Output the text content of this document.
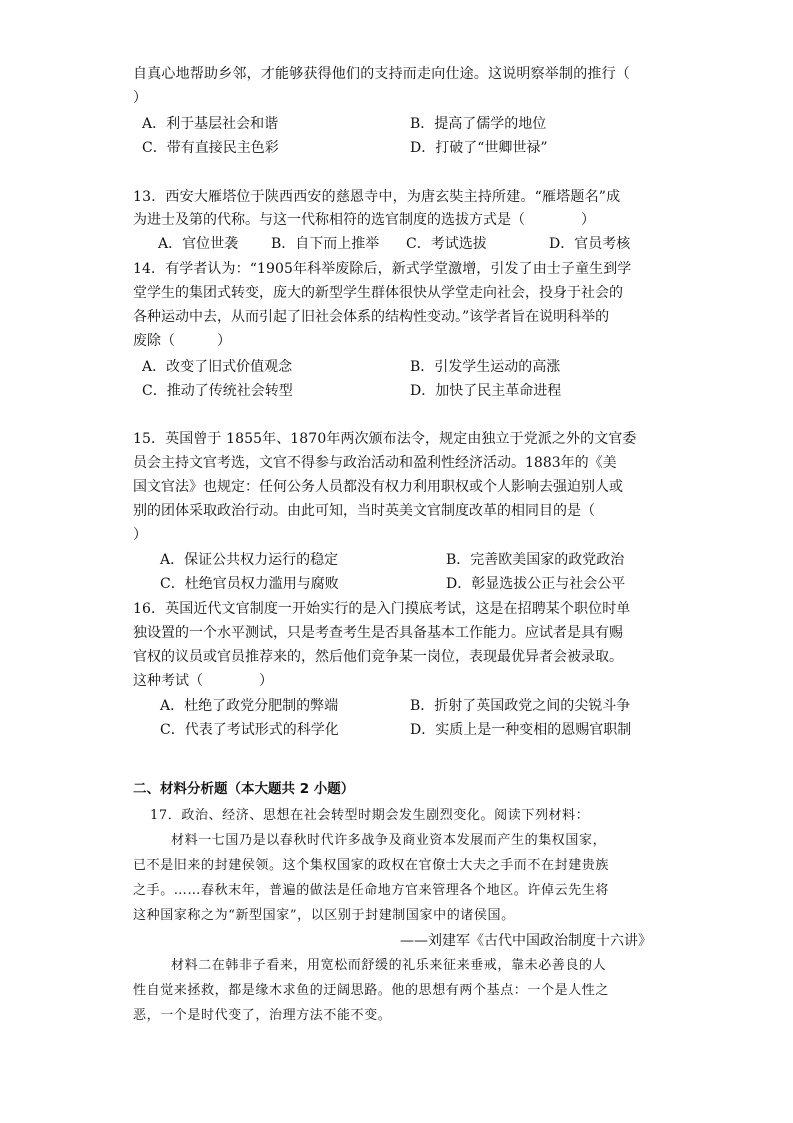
自真心地帮助乡邻，才能够获得他们的支持而走向仕途。这说明察举制的推行（
）
A．利于基层社会和谐	B．提高了儒学的地位
C．带有直接民主色彩	D．打破了“世卿世禄”
13．西安大雁塔位于陕西西安的慈恩寺中，为唐玄奘主持所建。“雁塔题名”成
为进士及第的代称。与这一代称相符的选官制度的选拔方式是（　　　　）
A．官位世袭 B．自下而上推举 C．考试选拔	D．官员考核
14．有学者认为：“1905年科举废除后，新式学堂激增，引发了由士子童生到学
堂学生的集团式转变，庞大的新型学生群体很快从学堂走向社会，投身于社会的
各种运动中去，从而引起了旧社会体系的结构性变动。”该学者旨在说明科举的
废除（　　　）
A．改变了旧式价值观念	B．引发学生运动的高涨
C．推动了传统社会转型	D．加快了民主革命进程
15．英国曾于 1855年、1870年两次颁布法令，规定由独立于党派之外的文官委
员会主持文官考选，文官不得参与政治活动和盈利性经济活动。1883年的《美
国文官法》也规定：任何公务人员都没有权力利用职权或个人影响去强迫别人或
别的团体采取政治行动。由此可知，当时英美文官制度改革的相同目的是（
）
A．保证公共权力运行的稳定	B．完善欧美国家的政党政治
C．杜绝官员权力滥用与腐败	D．彰显选拔公正与社会公平
16．英国近代文官制度一开始实行的是入门摸底考试，这是在招聘某个职位时单
独设置的一个水平测试，只是考查考生是否具备基本工作能力。应试者是具有赐
官权的议员或官员推荐来的，然后他们竞争某一岗位，表现最优异者会被录取。
这种考试（　　　　）
A．杜绝了政党分肥制的弊端	B．折射了英国政党之间的尖锐斗争
C．代表了考试形式的科学化	D．实质上是一种变相的恩赐官职制
二、材料分析题（本大题共 2 小题）
17．政治、经济、思想在社会转型时期会发生剧烈变化。阅读下列材料：
材料一七国乃是以春秋时代许多战争及商业资本发展而产生的集权国家，
已不是旧来的封建侯领。这个集权国家的政权在官僚士大夫之手而不在封建贵族
之手。……春秋末年，普遍的做法是任命地方官来管理各个地区。许倬云先生将
这种国家称之为“新型国家”，以区别于封建制国家中的诸侯国。
——刘建军《古代中国政治制度十六讲》
材料二在韩非子看来，用宽松而舒缓的礼乐来征来垂戒，靠未必善良的人
性自觉来拯救，都是缘木求鱼的迂阔思路。他的思想有两个基点：一个是人性之
恶，一个是时代变了，治理方法不能不变。
